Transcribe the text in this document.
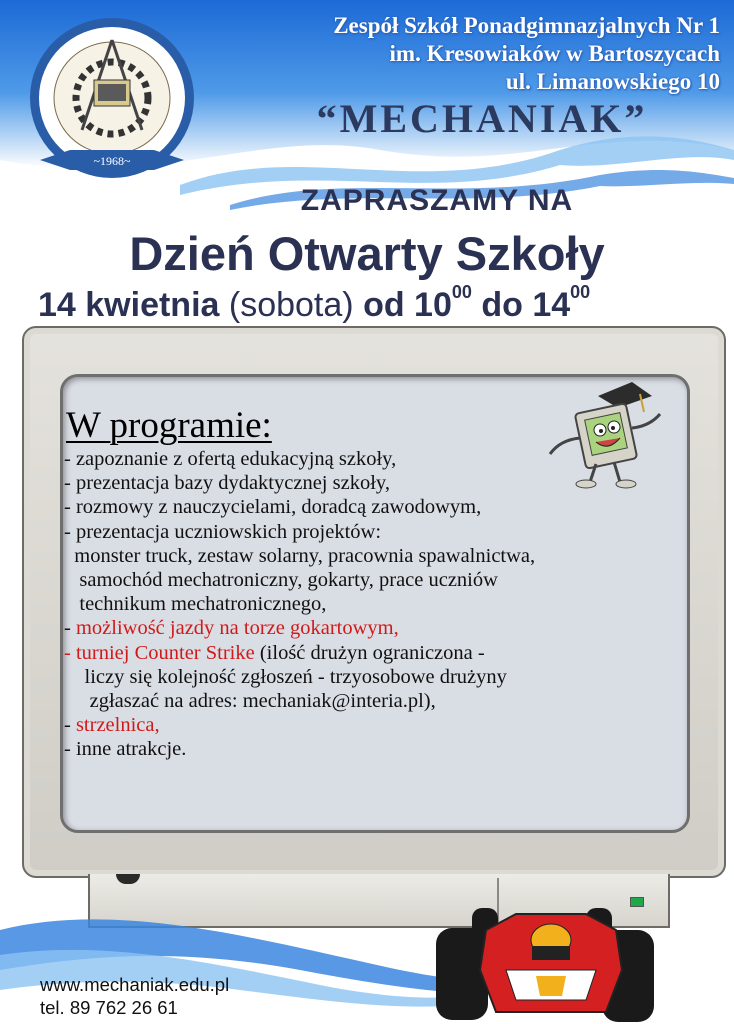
~1968~
Zespół Szkół Ponadgimnazjalnych Nr 1
im. Kresowiaków w Bartoszycach
ul. Limanowskiego 10
“MECHANIAK”
ZAPRASZAMY NA
Dzień Otwarty Szkoły
14 kwietnia (sobota) od $10^{00}$ do $14^{00}$
W programie:
- zapoznanie z ofertą edukacyjną szkoły,
- prezentacja bazy dydaktycznej szkoły,
- rozmowy z nauczycielami, doradcą zawodowym,
- prezentacja uczniowskich projektów:
monster truck, zestaw solarny, pracownia spawalnictwa,
samochód mechatroniczny, gokarty, prace uczniów
technikum mechatronicznego,
- możliwość jazdy na torze gokartowym,
- turniej Counter Strike (ilość drużyn ograniczona -
liczy się kolejność zgłoszeń - trzyosobowe drużyny
zgłaszać na adres: mechaniak@interia.pl),
- strzelnica,
- inne atrakcje.
www.mechaniak.edu.pl
tel. 89 762 26 61
